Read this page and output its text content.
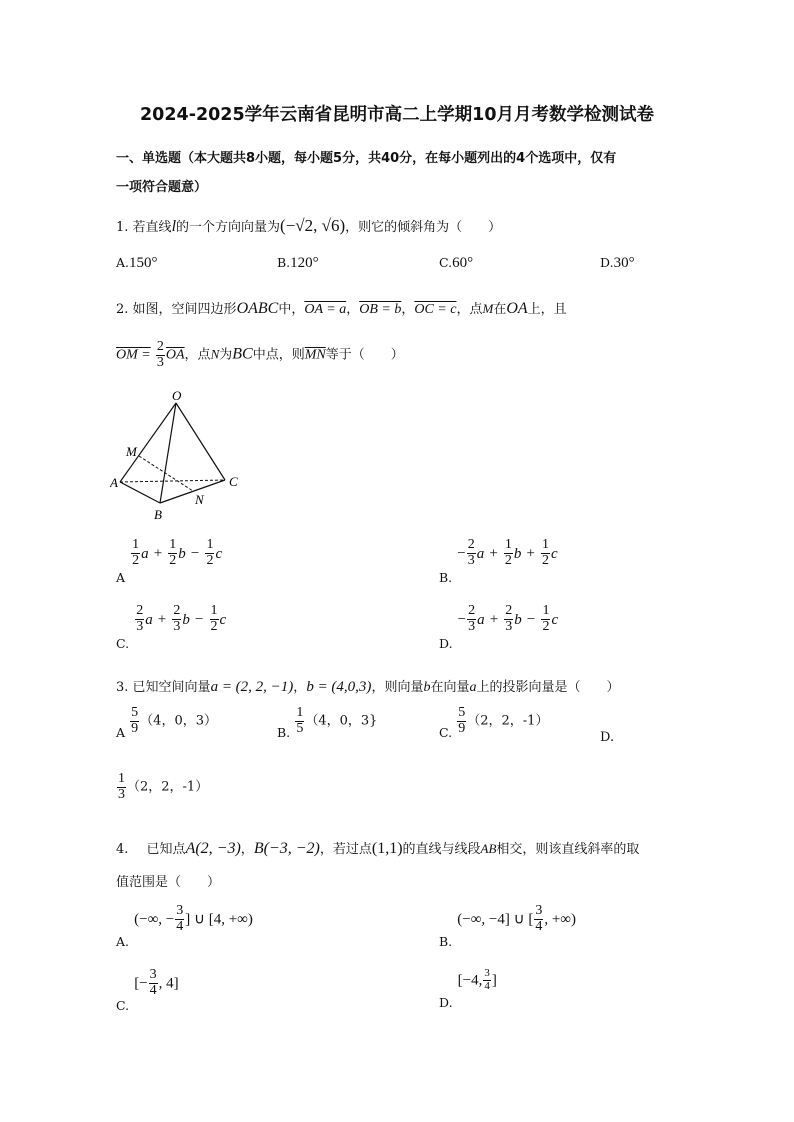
2024-2025学年云南省昆明市高二上学期10月月考数学检测试卷
一、单选题（本大题共8小题，每小题5分，共40分，在每小题列出的4个选项中，仅有
一项符合题意）
1. 若直线l的一个方向向量为(−√2, √6)，则它的倾斜角为（　　）
A.150°	B.120°	C.60°	D.30°
2. 如图，空间四边形OABC中，OA = a，OB = b，OC = c，点M在OA上，且
OM = $\frac{2}{3} \overline{OA}$，点N为BC中点，则$\overline{MN}$等于（　　）
O
M
A
B
N
C
$_A$
$\frac{1}{2}$ $a + \frac{1}{2}$ $b - \frac{1}{2}$ c
$_{B.} - \frac{2}{3}$ $a + \frac{1}{2}$ $b + \frac{1}{2}$ c
$_{C.}$
$\frac{2}{3}$ $a + \frac{2}{3}$ $b - \frac{1}{2}$ c
$_{D.} - \frac{2}{3}$ $a + \frac{2}{3}$ $b - \frac{1}{2}$ c
3. 已知空间向量a = (2, 2, −1)，b = (4,0,3)，则向量b在向量a上的投影向量是（　　）
A $\frac{5}{9} (4$，0，3）
B. $\frac{1}{5} (4$，0，3}
C. $\frac{5}{9} (2$，2，-1）
D.
$\frac{1}{3} (2$，2，-1）
4. 已知点A(2, −3)，B(−3, −2)，若过点(1,1)的直线与线段AB相交，则该直线斜率的取
值范围是（　　）
$_{A.}$ (−∞, − $\frac{3}{4}$ ] ∪ [4, +∞)
$_{B.}$ (−∞, −4] ∪ [ $\frac{3}{4}$ , +∞)
$_{C.}$ [− $\frac{3}{4}$ , 4]
$_{D.}$ [−4, $\frac{3}{4}$ ]
